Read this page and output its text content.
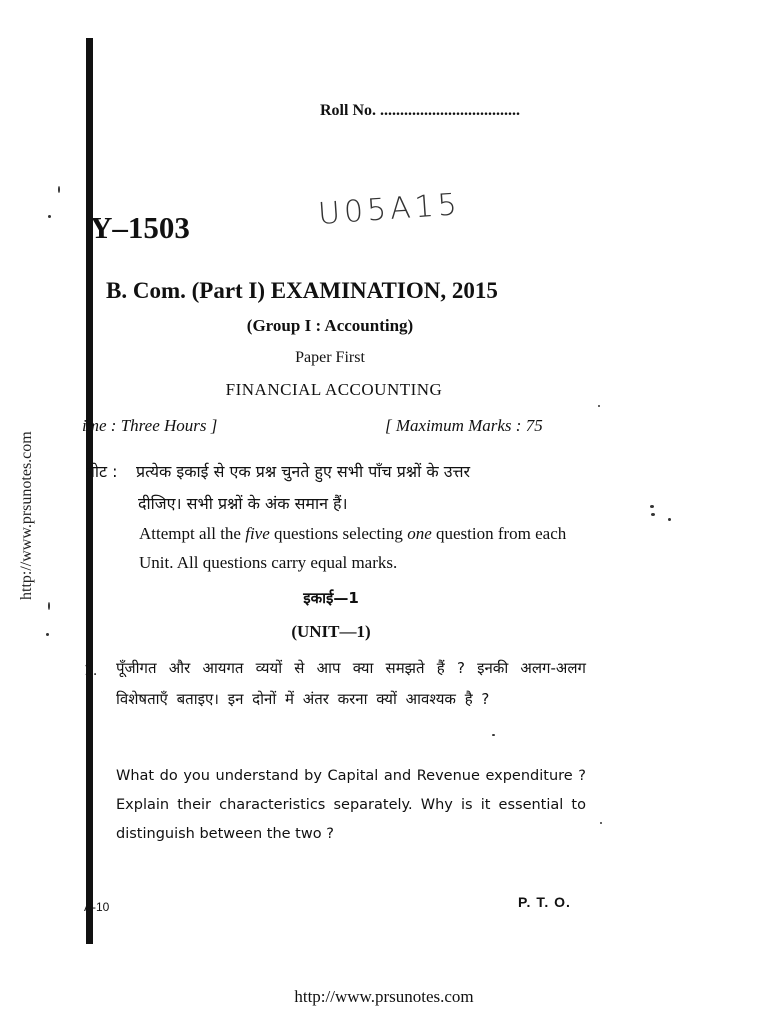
http://www.prsunotes.com
Roll No. ...................................
U05A15
Y–1503
B. Com. (Part I) EXAMINATION, 2015
(Group I : Accounting)
Paper First
FINANCIAL ACCOUNTING
ime : Three Hours ]	[ Maximum Marks : 75
नोट : प्रत्येक इकाई से एक प्रश्न चुनते हुए सभी पाँच प्रश्नों के उत्तर
दीजिए। सभी प्रश्नों के अंक समान हैं।
Attempt all the five questions selecting one question from each Unit. All questions carry equal marks.
इकाई—1
(UNIT—1)
1. पूँजीगत और आयगत व्ययों से आप क्या समझते हैं ? इनकी अलग-अलग विशेषताएँ बताइए। इन दोनों में अंतर करना क्यों आवश्यक है ?
What do you understand by Capital and Revenue expenditure ? Explain their characteristics separately. Why is it essential to distinguish between the two ?
A-10	P. T. O.
http://www.prsunotes.com
